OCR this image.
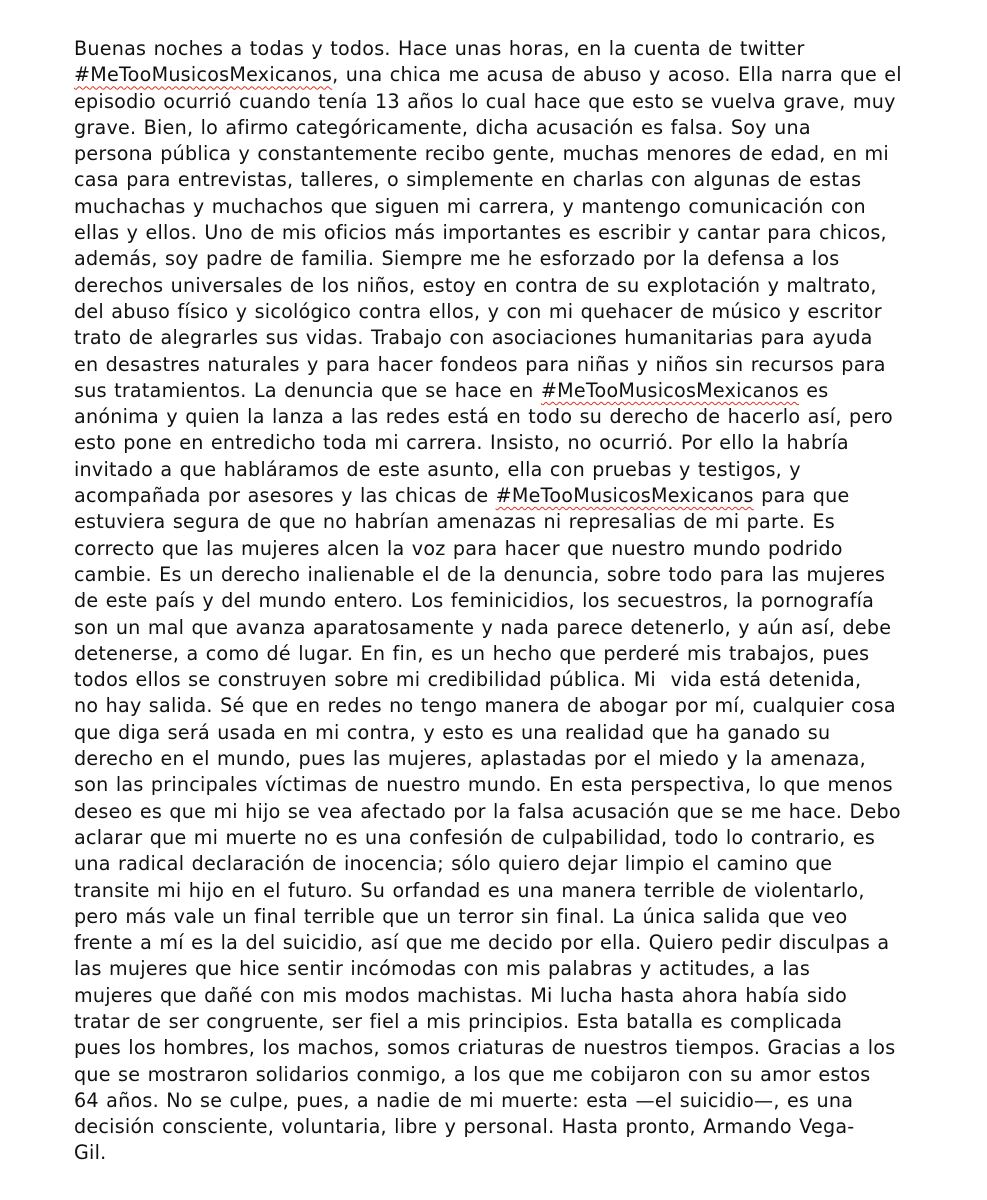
Buenas noches a todas y todos. Hace unas horas, en la cuenta de twitter
#MeTooMusicosMexicanos, una chica me acusa de abuso y acoso. Ella narra que el
episodio ocurrió cuando tenía 13 años lo cual hace que esto se vuelva grave, muy
grave. Bien, lo afirmo categóricamente, dicha acusación es falsa. Soy una
persona pública y constantemente recibo gente, muchas menores de edad, en mi
casa para entrevistas, talleres, o simplemente en charlas con algunas de estas
muchachas y muchachos que siguen mi carrera, y mantengo comunicación con
ellas y ellos. Uno de mis oficios más importantes es escribir y cantar para chicos,
además, soy padre de familia. Siempre me he esforzado por la defensa a los
derechos universales de los niños, estoy en contra de su explotación y maltrato,
del abuso físico y sicológico contra ellos, y con mi quehacer de músico y escritor
trato de alegrarles sus vidas. Trabajo con asociaciones humanitarias para ayuda
en desastres naturales y para hacer fondeos para niñas y niños sin recursos para
sus tratamientos. La denuncia que se hace en #MeTooMusicosMexicanos es
anónima y quien la lanza a las redes está en todo su derecho de hacerlo así, pero
esto pone en entredicho toda mi carrera. Insisto, no ocurrió. Por ello la habría
invitado a que habláramos de este asunto, ella con pruebas y testigos, y
acompañada por asesores y las chicas de #MeTooMusicosMexicanos para que
estuviera segura de que no habrían amenazas ni represalias de mi parte. Es
correcto que las mujeres alcen la voz para hacer que nuestro mundo podrido
cambie. Es un derecho inalienable el de la denuncia, sobre todo para las mujeres
de este país y del mundo entero. Los feminicidios, los secuestros, la pornografía
son un mal que avanza aparatosamente y nada parece detenerlo, y aún así, debe
detenerse, a como dé lugar. En fin, es un hecho que perderé mis trabajos, pues
todos ellos se construyen sobre mi credibilidad pública. Mi  vida está detenida,
no hay salida. Sé que en redes no tengo manera de abogar por mí, cualquier cosa
que diga será usada en mi contra, y esto es una realidad que ha ganado su
derecho en el mundo, pues las mujeres, aplastadas por el miedo y la amenaza,
son las principales víctimas de nuestro mundo. En esta perspectiva, lo que menos
deseo es que mi hijo se vea afectado por la falsa acusación que se me hace. Debo
aclarar que mi muerte no es una confesión de culpabilidad, todo lo contrario, es
una radical declaración de inocencia; sólo quiero dejar limpio el camino que
transite mi hijo en el futuro. Su orfandad es una manera terrible de violentarlo,
pero más vale un final terrible que un terror sin final. La única salida que veo
frente a mí es la del suicidio, así que me decido por ella. Quiero pedir disculpas a
las mujeres que hice sentir incómodas con mis palabras y actitudes, a las
mujeres que dañé con mis modos machistas. Mi lucha hasta ahora había sido
tratar de ser congruente, ser fiel a mis principios. Esta batalla es complicada
pues los hombres, los machos, somos criaturas de nuestros tiempos. Gracias a los
que se mostraron solidarios conmigo, a los que me cobijaron con su amor estos
64 años. No se culpe, pues, a nadie de mi muerte: esta —el suicidio—, es una
decisión consciente, voluntaria, libre y personal. Hasta pronto, Armando Vega-
Gil.
